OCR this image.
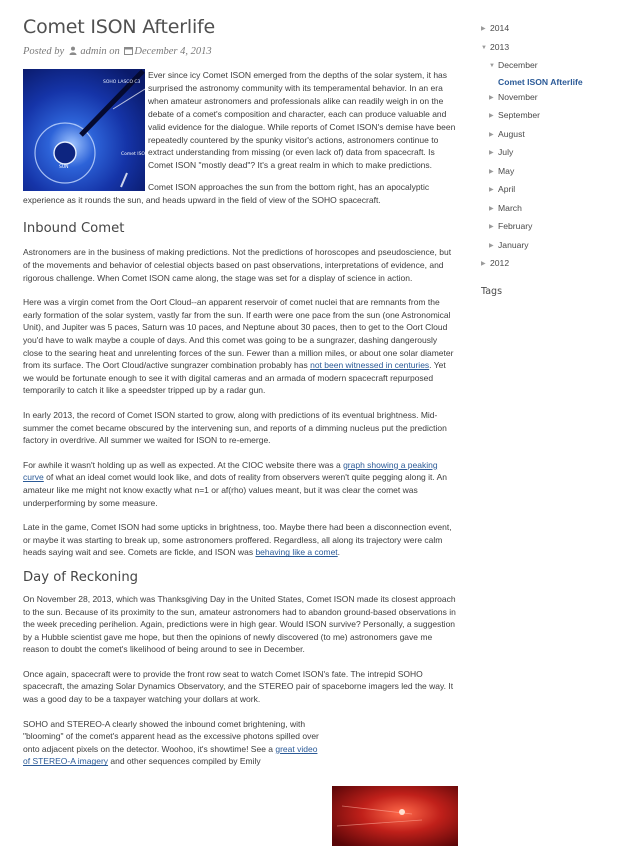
Comet ISON Afterlife
Posted by admin on December 4, 2013
SOHO LASCO C3
SUN
Comet ISON

Ever since icy Comet ISON emerged from the depths of the solar system, it has surprised the astronomy community with its temperamental behavior. In an era when amateur astronomers and professionals alike can readily weigh in on the debate of a comet's composition and character, each can produce valuable and valid evidence for the dialogue. While reports of Comet ISON's demise have been repeatedly countered by the spunky visitor's actions, astronomers continue to extract understanding from missing (or even lack of) data from spacecraft. Is Comet ISON "mostly dead"? It's a great realm in which to make predictions.

Comet ISON approaches the sun from the bottom right, has an apocalyptic experience as it rounds the sun, and heads upward in the field of view of the SOHO spacecraft.

Inbound Comet

Astronomers are in the business of making predictions. Not the predictions of horoscopes and pseudoscience, but of the movements and behavior of celestial objects based on past observations, interpretations of evidence, and rigorous challenge. When Comet ISON came along, the stage was set for a display of science in action.

Here was a virgin comet from the Oort Cloud--an apparent reservoir of comet nuclei that are remnants from the early formation of the solar system, vastly far from the sun. If earth were one pace from the sun (one Astronomical Unit), and Jupiter was 5 paces, Saturn was 10 paces, and Neptune about 30 paces, then to get to the Oort Cloud you'd have to walk maybe a couple of days. And this comet was going to be a sungrazer, dashing dangerously close to the searing heat and unrelenting forces of the sun. Fewer than a million miles, or about one solar diameter from its surface. The Oort Cloud/active sungrazer combination probably has not been witnessed in centuries. Yet we would be fortunate enough to see it with digital cameras and an armada of modern spacecraft repurposed temporarily to catch it like a speedster tripped up by a radar gun.

In early 2013, the record of Comet ISON started to grow, along with predictions of its eventual brightness. Mid-summer the comet became obscured by the intervening sun, and reports of a dimming nucleus put the prediction factory in overdrive. All summer we waited for ISON to re-emerge.

For awhile it wasn't holding up as well as expected. At the CIOC website there was a graph showing a peaking curve of what an ideal comet would look like, and dots of reality from observers weren't quite pegging along it. An amateur like me might not know exactly what n=1 or af(rho) values meant, but it was clear the comet was underperforming by some measure.

Late in the game, Comet ISON had some upticks in brightness, too. Maybe there had been a disconnection event, or maybe it was starting to break up, some astronomers proffered. Regardless, all along its trajectory were calm heads saying wait and see. Comets are fickle, and ISON was behaving like a comet.

Day of Reckoning

On November 28, 2013, which was Thanksgiving Day in the United States, Comet ISON made its closest approach to the sun. Because of its proximity to the sun, amateur astronomers had to abandon ground-based observations in the week preceding perihelion. Again, predictions were in high gear. Would ISON survive? Personally, a suggestion by a Hubble scientist gave me hope, but then the opinions of newly discovered (to me) astronomers gave me reason to doubt the comet's likelihood of being around to see in December.

Once again, spacecraft were to provide the front row seat to watch Comet ISON's fate. The intrepid SOHO spacecraft, the amazing Solar Dynamics Observatory, and the STEREO pair of spaceborne imagers led the way. It was a good day to be a taxpayer watching your dollars at work.

SOHO and STEREO-A clearly showed the inbound comet brightening, with "blooming" of the comet's apparent head as the excessive photons spilled over onto adjacent pixels on the detector. Woohoo, it's showtime! See a great video of STEREO-A imagery and other sequences compiled by Emily

▶ 2014
▼ 2013
▼ December
Comet ISON Afterlife
▶ November
▶ September
▶ August
▶ July
▶ May
▶ April
▶ March
▶ February
▶ January
▶ 2012
Tags
